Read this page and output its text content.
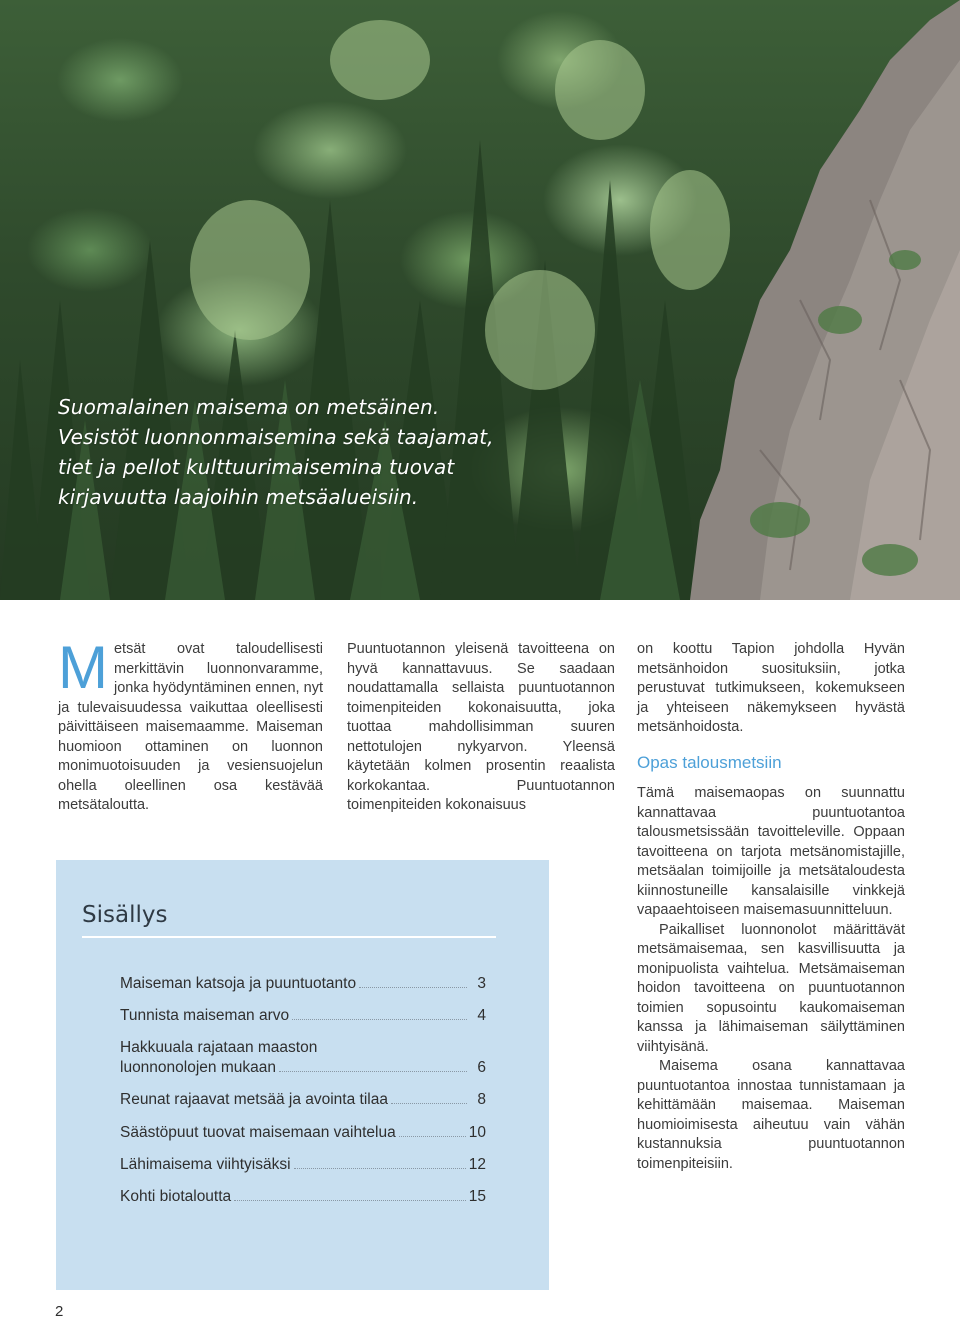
Suomalainen maisema on metsäinen.
Vesistöt luonnonmaisemina sekä taajamat,
tiet ja pellot kulttuurimaisemina tuovat
kirjavuutta laajoihin metsäalueisiin.
M etsät ovat taloudellisesti merkittävin luonnonvaramme, jonka hyödyntäminen ennen, nyt ja tulevaisuudessa vaikuttaa oleellisesti päivittäiseen maisemaamme. Maiseman huomioon ottaminen on luonnon monimuotoisuuden ja vesiensuojelun ohella oleellinen osa kestävää metsätaloutta.

Puuntuotannon yleisenä tavoitteena on hyvä kannattavuus. Se saadaan noudattamalla sellaista puuntuotannon toimenpiteiden kokonaisuutta, joka tuottaa mahdollisimman suuren nettotulojen nykyarvon. Yleensä käytetään kolmen prosentin reaalista korkokantaa. Puuntuotannon toimenpiteiden kokonaisuus

on koottu Tapion johdolla Hyvän metsänhoidon suosituksiin, jotka perustuvat tutkimukseen, kokemukseen ja yhteiseen näkemykseen hyvästä metsänhoidosta.

Opas talousmetsiin

Tämä maisemaopas on suunnattu kannattavaa puuntuotantoa talousmetsissään tavoitteleville. Oppaan tavoitteena on tarjota metsänomistajille, metsäalan toimijoille ja metsätaloudesta kiinnostuneille kansalaisille vinkkejä vapaaehtoiseen maisemasuunnitteluun.

Paikalliset luonnonolot määrittävät metsämaisemaa, sen kasvillisuutta ja monipuolista vaihtelua. Metsämaiseman hoidon tavoitteena on puuntuotannon toimien sopusointu kaukomaiseman kanssa ja lähimaiseman säilyttäminen viihtyisänä.

Maisema osana kannattavaa puuntuotantoa innostaa tunnistamaan ja kehittämään maisemaa. Maiseman huomioimisesta aiheutuu vain vähän kustannuksia puuntuotannon toimenpiteisiin.

Sisällys
Maiseman katsoja ja puuntuotanto	3
Tunnista maiseman arvo	4
Hakkuuala rajataan maaston
luonnonolojen mukaan	6
Reunat rajaavat metsää ja avointa tilaa	8
Säästöpuut tuovat maisemaan vaihtelua	10
Lähimaisema viihtyisäksi	12
Kohti biotaloutta	15
2
